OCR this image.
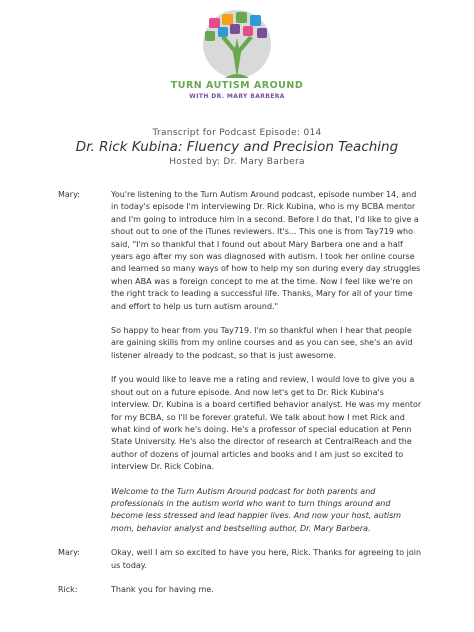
TURN AUTISM AROUND
WITH DR. MARY BARBERA
Transcript for Podcast Episode: 014
Dr. Rick Kubina: Fluency and Precision Teaching
Hosted by: Dr. Mary Barbera
Mary:	You're listening to the Turn Autism Around podcast, episode number 14, and in today's episode I'm interviewing Dr. Rick Kubina, who is my BCBA mentor and I'm going to introduce him in a second. Before I do that, I'd like to give a shout out to one of the iTunes reviewers. It's... This one is from Tay719 who said, "I'm so thankful that I found out about Mary Barbera one and a half years ago after my son was diagnosed with autism. I took her online course and learned so many ways of how to help my son during every day struggles when ABA was a foreign concept to me at the time. Now I feel like we're on the right track to leading a successful life. Thanks, Mary for all of your time and effort to help us turn autism around."

So happy to hear from you Tay719. I'm so thankful when I hear that people are gaining skills from my online courses and as you can see, she's an avid listener already to the podcast, so that is just awesome.

If you would like to leave me a rating and review, I would love to give you a shout out on a future episode. And now let's get to Dr. Rick Kubina's interview. Dr. Kubina is a board certified behavior analyst. He was my mentor for my BCBA, so I'll be forever grateful. We talk about how I met Rick and what kind of work he's doing. He's a professor of special education at Penn State University. He's also the director of research at CentralReach and the author of dozens of journal articles and books and I am just so excited to interview Dr. Rick Cobina.

Welcome to the Turn Autism Around podcast for both parents and professionals in the autism world who want to turn things around and become less stressed and lead happier lives. And now your host, autism mom, behavior analyst and bestselling author, Dr. Mary Barbera.

Mary:	Okay, well I am so excited to have you here, Rick. Thanks for agreeing to join us today.

Rick:	Thank you for having me.
